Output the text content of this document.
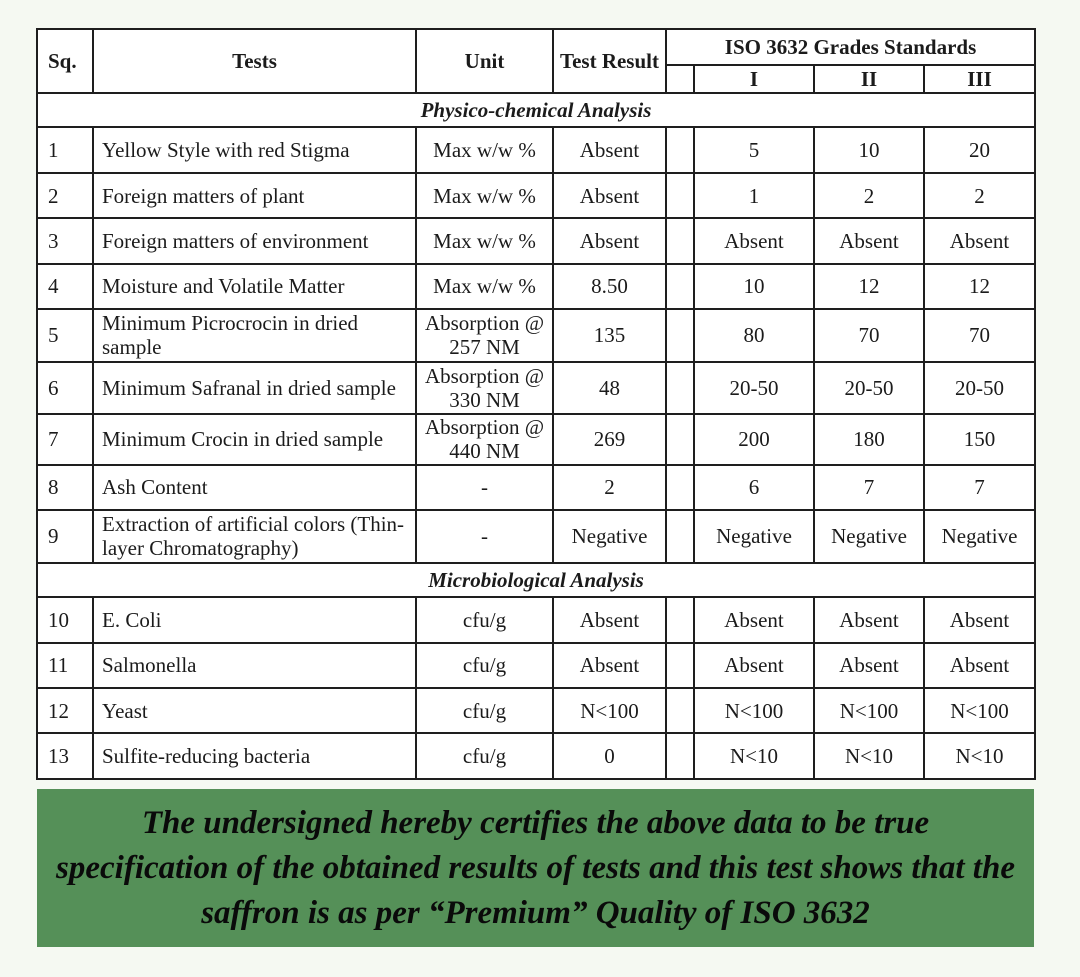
Sq.	Tests	Unit	Test Result	ISO 3632 Grades Standards			
					I	II	III
Physico-chemical Analysis							
1	Yellow Style with red Stigma	Max w/w %	Absent		5	10	20
2	Foreign matters of plant	Max w/w %	Absent		1	2	2
3	Foreign matters of environment	Max w/w %	Absent		Absent	Absent	Absent
4	Moisture and Volatile Matter	Max w/w %	8.50		10	12	12
5	Minimum Picrocrocin in dried sample	Absorption @ 257 NM	135		80	70	70
6	Minimum Safranal in dried sample	Absorption @ 330 NM	48		20-50	20-50	20-50
7	Minimum Crocin in dried sample	Absorption @ 440 NM	269		200	180	150
8	Ash Content	-	2		6	7	7
9	Extraction of artificial colors (Thin-layer Chromatography)	-	Negative		Negative	Negative	Negative
Microbiological Analysis							
10	E. Coli	cfu/g	Absent		Absent	Absent	Absent
11	Salmonella	cfu/g	Absent		Absent	Absent	Absent
12	Yeast	cfu/g	N<100		N<100	N<100	N<100
13	Sulfite-reducing bacteria	cfu/g	0		N<10	N<10	N<10

The undersigned hereby certifies the above data to be true specification of the obtained results of tests and this test shows that the saffron is as per “Premium” Quality of ISO 3632
